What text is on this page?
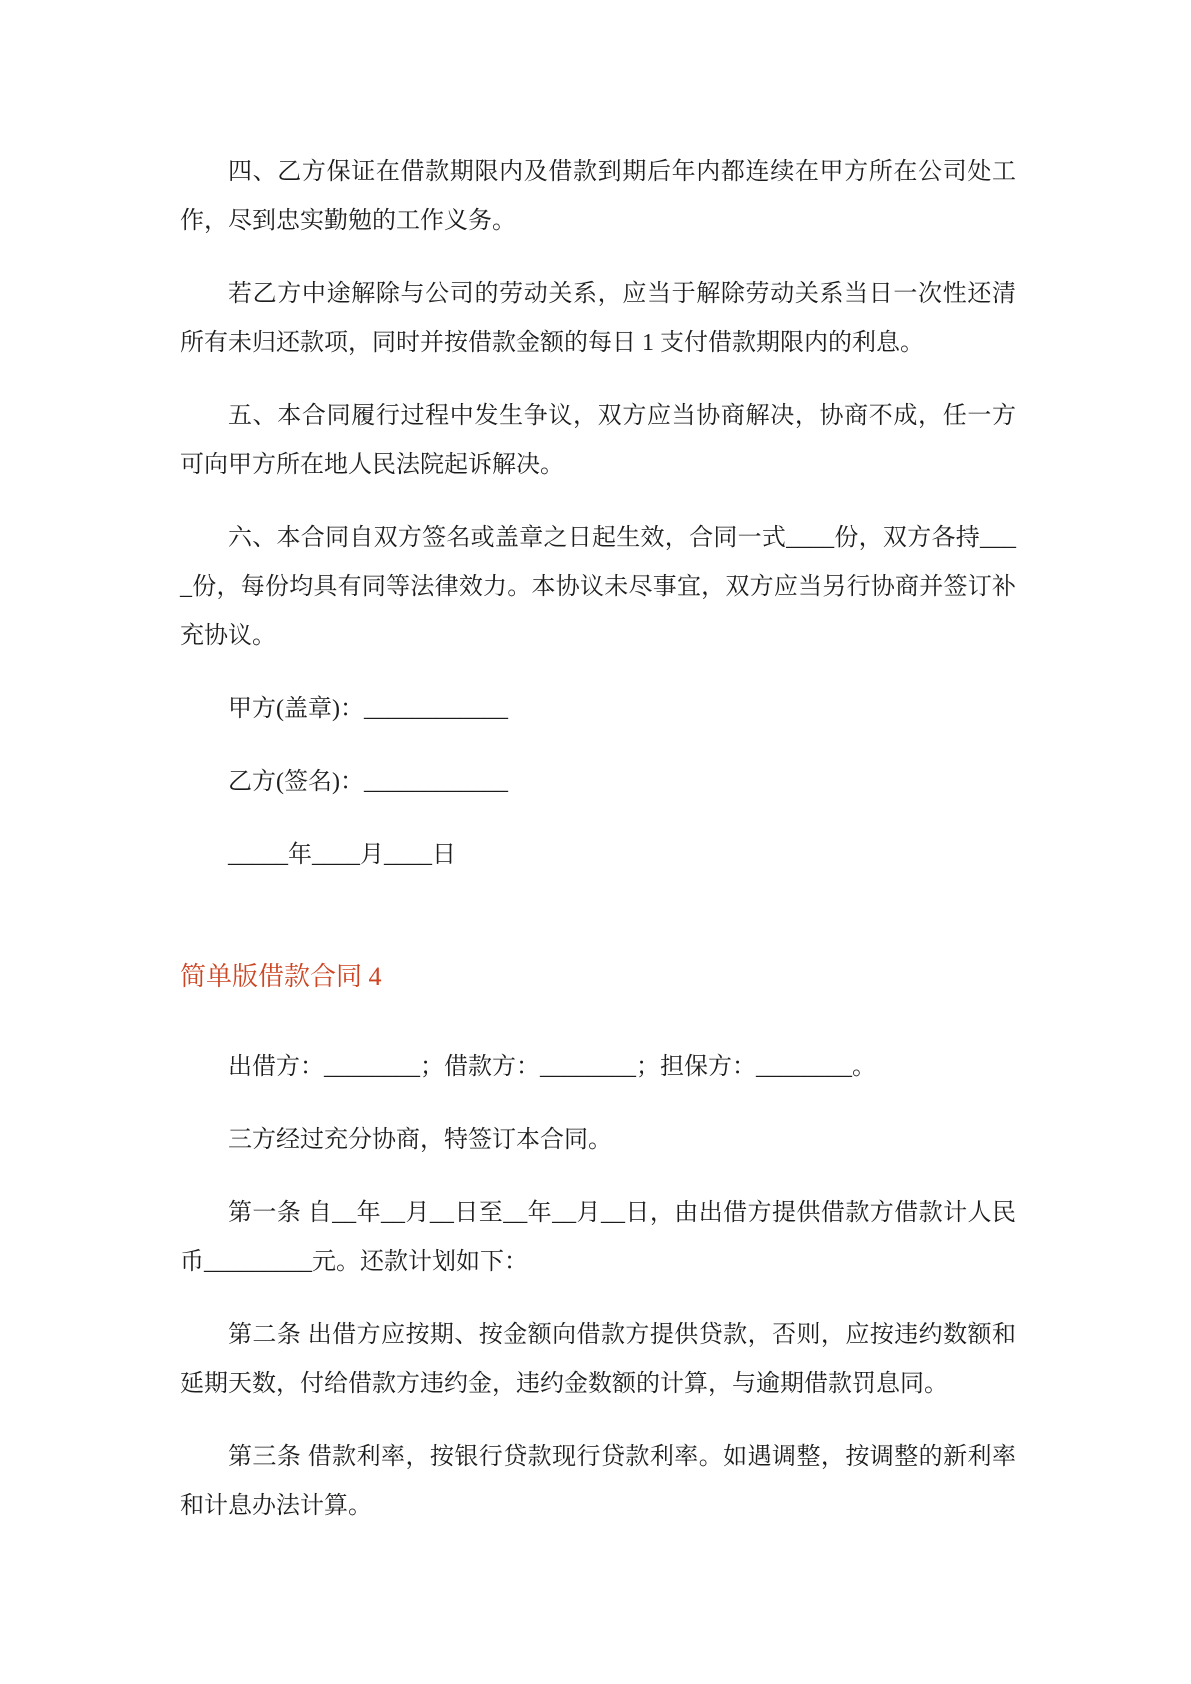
四、乙方保证在借款期限内及借款到期后年内都连续在甲方所在公司处工作，尽到忠实勤勉的工作义务。

若乙方中途解除与公司的劳动关系，应当于解除劳动关系当日一次性还清所有未归还款项，同时并按借款金额的每日 1 支付借款期限内的利息。

五、本合同履行过程中发生争议，双方应当协商解决，协商不成，任一方可向甲方所在地人民法院起诉解决。

六、本合同自双方签名或盖章之日起生效，合同一式____份，双方各持____份，每份均具有同等法律效力。本协议未尽事宜，双方应当另行协商并签订补充协议。

甲方(盖章)：____________

乙方(签名)：____________

_____年____月____日

简单版借款合同 4

出借方：________；借款方：________；担保方：________。

三方经过充分协商，特签订本合同。

第一条 自__年__月__日至__年__月__日，由出借方提供借款方借款计人民币_________元。还款计划如下：

第二条 出借方应按期、按金额向借款方提供贷款，否则，应按违约数额和延期天数，付给借款方违约金，违约金数额的计算，与逾期借款罚息同。

第三条 借款利率，按银行贷款现行贷款利率。如遇调整，按调整的新利率和计息办法计算。
